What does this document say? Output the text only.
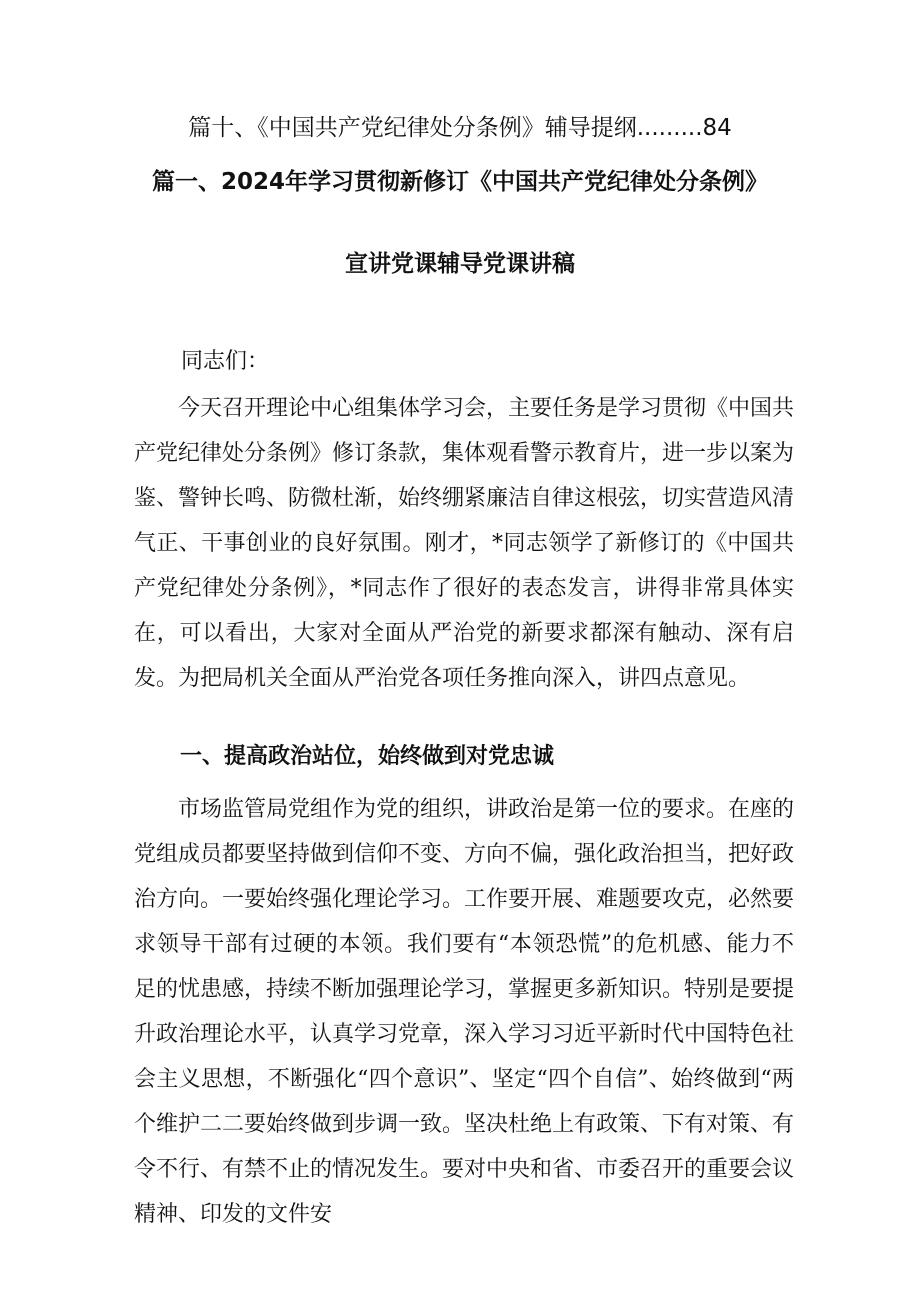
篇十、《中国共产党纪律处分条例》辅导提纲.........84
篇一、2024年学习贯彻新修订《中国共产党纪律处分条例》
宣讲党课辅导党课讲稿
同志们：
今天召开理论中心组集体学习会，主要任务是学习贯彻《中国共产党纪律处分条例》修订条款，集体观看警示教育片，进一步以案为鉴、警钟长鸣、防微杜渐，始终绷紧廉洁自律这根弦，切实营造风清气正、干事创业的良好氛围。刚才，*同志领学了新修订的《中国共产党纪律处分条例》，*同志作了很好的表态发言，讲得非常具体实在，可以看出，大家对全面从严治党的新要求都深有触动、深有启发。为把局机关全面从严治党各项任务推向深入，讲四点意见。
一、提高政治站位，始终做到对党忠诚
市场监管局党组作为党的组织，讲政治是第一位的要求。在座的党组成员都要坚持做到信仰不变、方向不偏，强化政治担当，把好政治方向。一要始终强化理论学习。工作要开展、难题要攻克，必然要求领导干部有过硬的本领。我们要有“本领恐慌”的危机感、能力不足的忧患感，持续不断加强理论学习，掌握更多新知识。特别是要提升政治理论水平，认真学习党章，深入学习习近平新时代中国特色社会主义思想，不断强化“四个意识”、坚定“四个自信”、始终做到“两个维护二二要始终做到步调一致。坚决杜绝上有政策、下有对策、有令不行、有禁不止的情况发生。要对中央和省、市委召开的重要会议精神、印发的文件安
